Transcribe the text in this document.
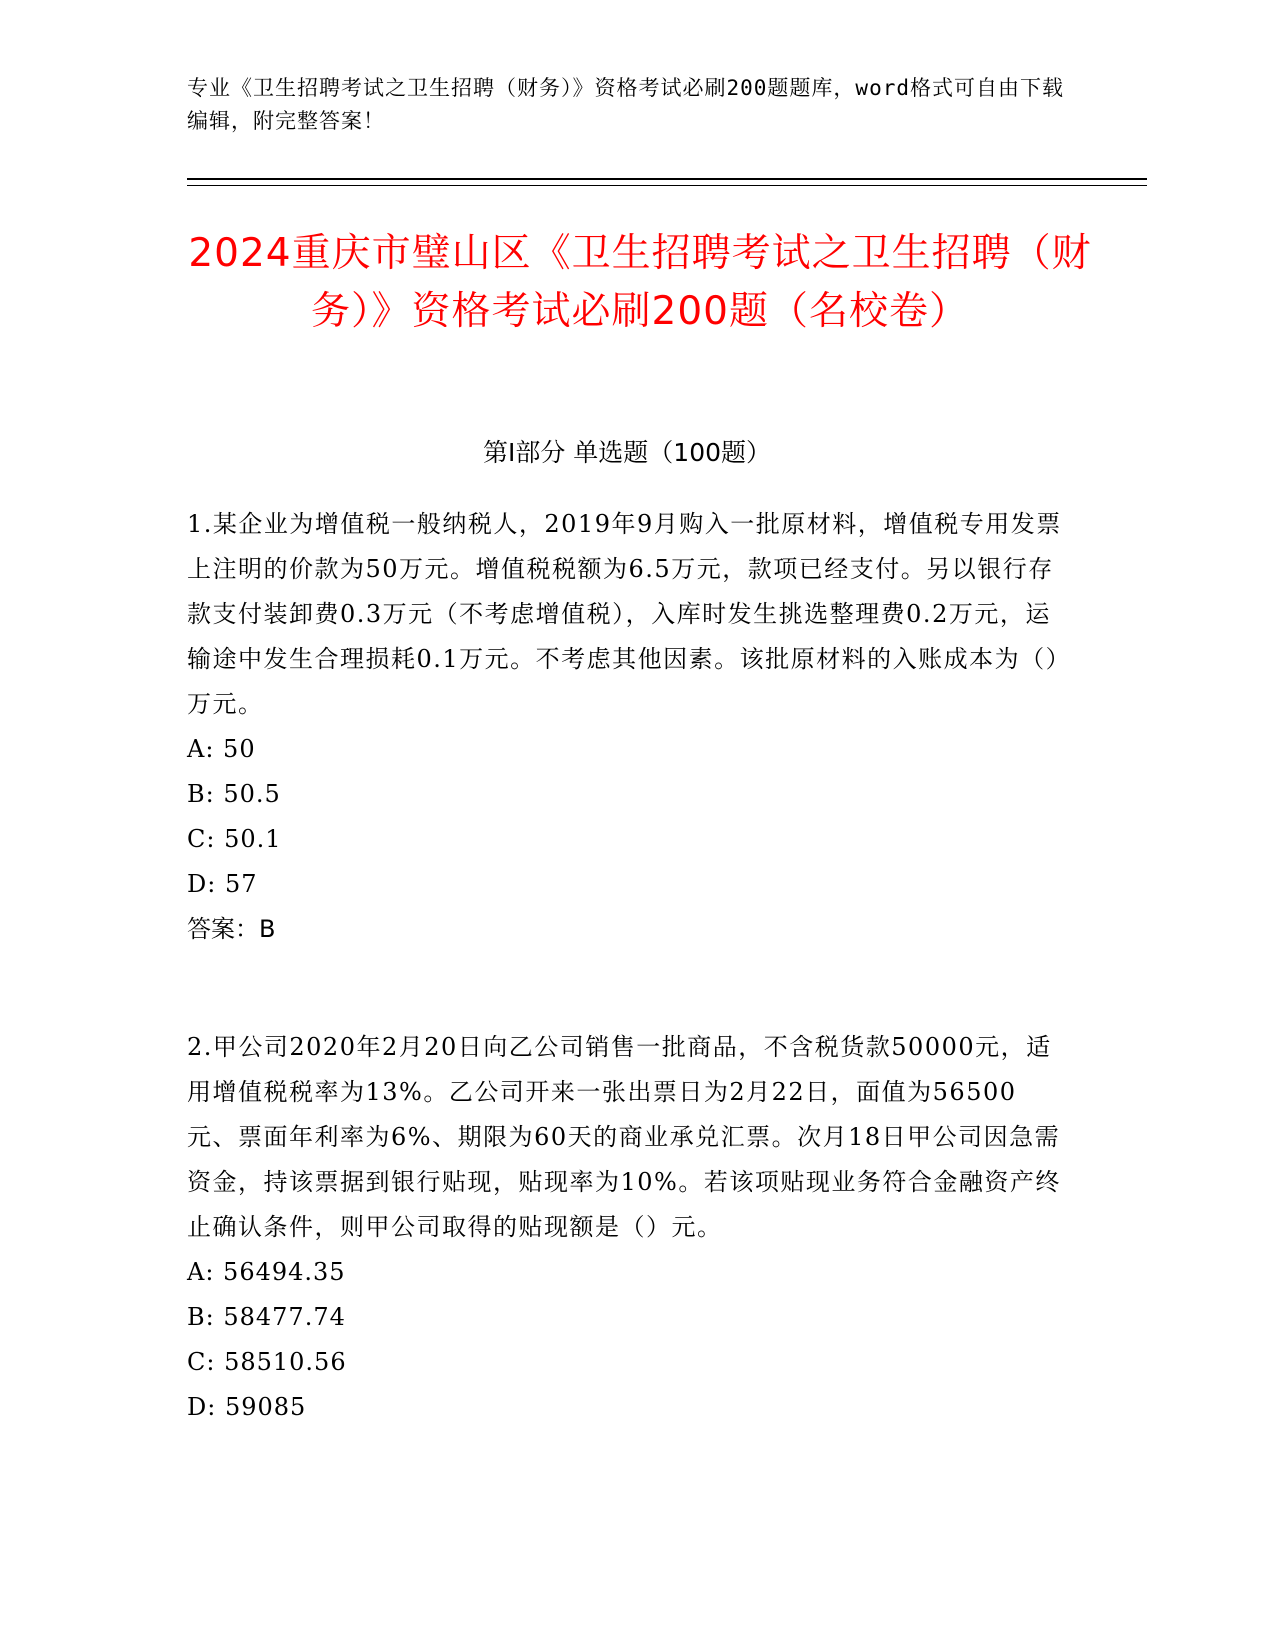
专业《卫生招聘考试之卫生招聘（财务）》资格考试必刷200题题库，word格式可自由下载编辑，附完整答案！
2024重庆市璧山区《卫生招聘考试之卫生招聘（财务）》资格考试必刷200题（名校卷）
第Ⅰ部分 单选题（100题）

1.某企业为增值税一般纳税人，2019年9月购入一批原材料，增值税专用发票上注明的价款为50万元。增值税税额为6.5万元，款项已经支付。另以银行存款支付装卸费0.3万元（不考虑增值税），入库时发生挑选整理费0.2万元，运输途中发生合理损耗0.1万元。不考虑其他因素。该批原材料的入账成本为（）万元。

A: 50

B: 50.5

C: 50.1

D: 57

答案：B

2.甲公司2020年2月20日向乙公司销售一批商品，不含税货款50000元，适用增值税税率为13%。乙公司开来一张出票日为2月22日，面值为56500元、票面年利率为6%、期限为60天的商业承兑汇票。次月18日甲公司因急需资金，持该票据到银行贴现，贴现率为10%。若该项贴现业务符合金融资产终止确认条件，则甲公司取得的贴现额是（）元。

A: 56494.35

B: 58477.74

C: 58510.56

D: 59085
